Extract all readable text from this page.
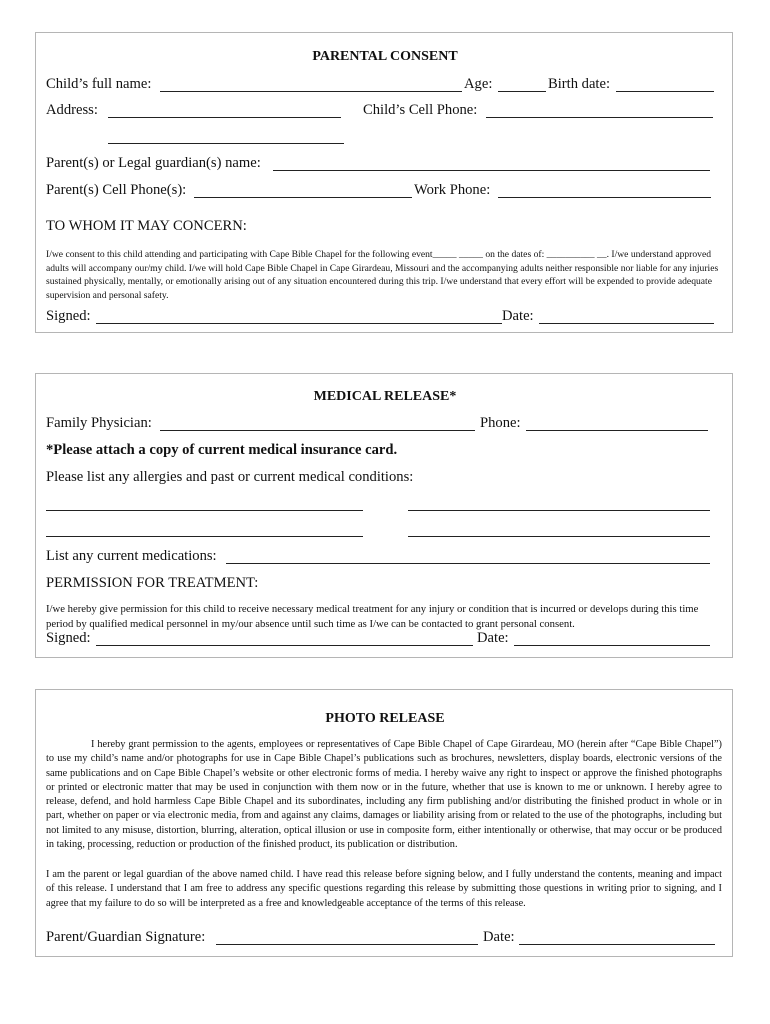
PARENTAL CONSENT
Child’s full name:	Age:	Birth date:
Address:	Child’s Cell Phone:
Parent(s) or Legal guardian(s) name:
Parent(s) Cell Phone(s):	Work Phone:
TO WHOM IT MAY CONCERN:
I/we consent to this child attending and participating with Cape Bible Chapel for the following event_____ _____ on the dates of: __________ __. I/we understand approved adults will accompany our/my child. I/we will hold Cape Bible Chapel in Cape Girardeau, Missouri and the accompanying adults neither responsible nor liable for any injuries sustained physically, mentally, or emotionally arising out of any situation encountered during this trip. I/we understand that every effort will be expended to provide adequate supervision and personal safety.
Signed:	Date:
MEDICAL RELEASE*
Family Physician:	Phone:
*Please attach a copy of current medical insurance card.
Please list any allergies and past or current medical conditions:
List any current medications:
PERMISSION FOR TREATMENT:
I/we hereby give permission for this child to receive necessary medical treatment for any injury or condition that is incurred or develops during this time period by qualified medical personnel in my/our absence until such time as I/we can be contacted to grant personal consent.
Signed:	Date:
PHOTO RELEASE
I hereby grant permission to the agents, employees or representatives of Cape Bible Chapel of Cape Girardeau, MO (herein after “Cape Bible Chapel”) to use my child’s name and/or photographs for use in Cape Bible Chapel’s publications such as brochures, newsletters, display boards, electronic versions of the same publications and on Cape Bible Chapel’s website or other electronic forms of media. I hereby waive any right to inspect or approve the finished photographs or printed or electronic matter that may be used in conjunction with them now or in the future, whether that use is known to me or unknown. I hereby agree to release, defend, and hold harmless Cape Bible Chapel and its subordinates, including any firm publishing and/or distributing the finished product in whole or in part, whether on paper or via electronic media, from and against any claims, damages or liability arising from or related to the use of the photographs, including but not limited to any misuse, distortion, blurring, alteration, optical illusion or use in composite form, either intentionally or otherwise, that may occur or be produced in taking, processing, reduction or production of the finished product, its publication or distribution.
I am the parent or legal guardian of the above named child. I have read this release before signing below, and I fully understand the contents, meaning and impact of this release. I understand that I am free to address any specific questions regarding this release by submitting those questions in writing prior to signing, and I agree that my failure to do so will be interpreted as a free and knowledgeable acceptance of the terms of this release.
Parent/Guardian Signature:	Date:
